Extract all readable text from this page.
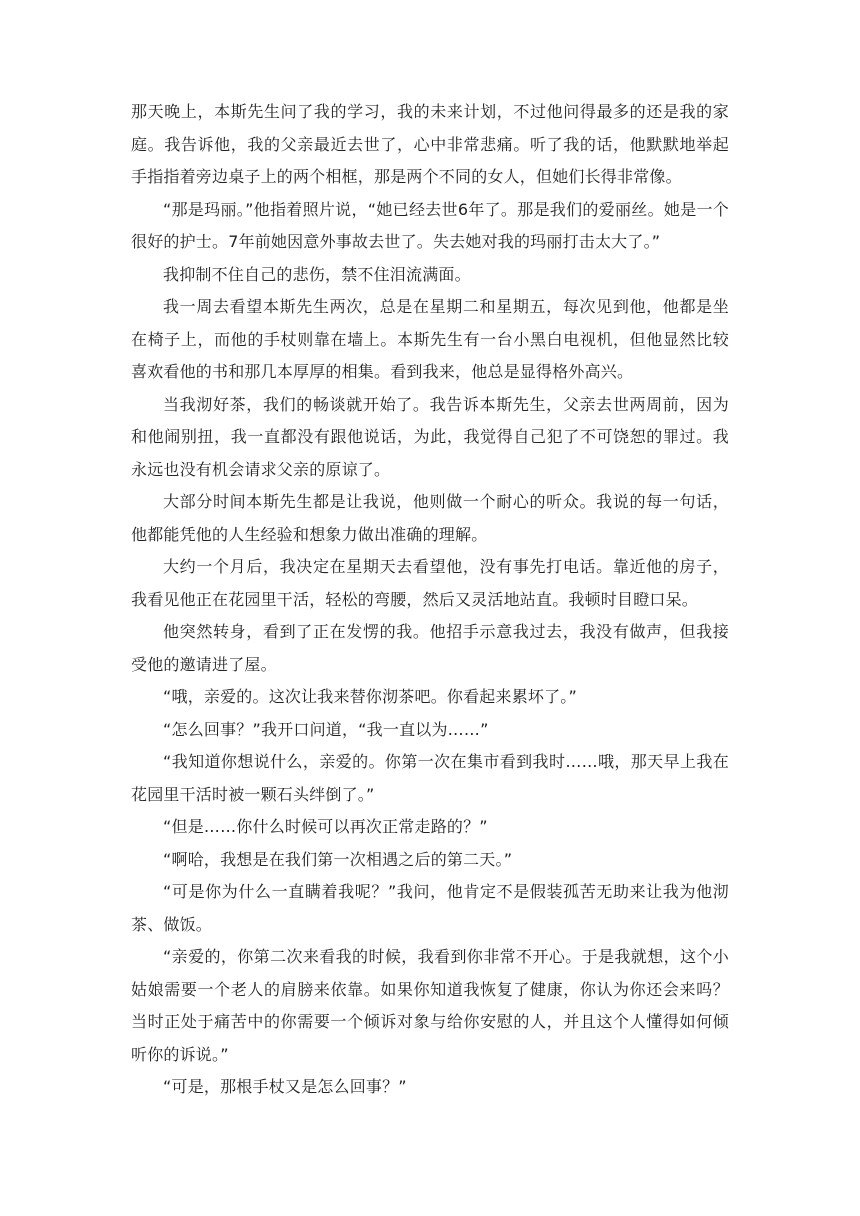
那天晚上，本斯先生问了我的学习，我的未来计划，不过他问得最多的还是我的家庭。我告诉他，我的父亲最近去世了，心中非常悲痛。听了我的话，他默默地举起手指指着旁边桌子上的两个相框，那是两个不同的女人，但她们长得非常像。

“那是玛丽。”他指着照片说，“她已经去世6年了。那是我们的爱丽丝。她是一个很好的护士。7年前她因意外事故去世了。失去她对我的玛丽打击太大了。”

我抑制不住自己的悲伤，禁不住泪流满面。

我一周去看望本斯先生两次，总是在星期二和星期五，每次见到他，他都是坐在椅子上，而他的手杖则靠在墙上。本斯先生有一台小黑白电视机，但他显然比较喜欢看他的书和那几本厚厚的相集。看到我来，他总是显得格外高兴。

当我沏好茶，我们的畅谈就开始了。我告诉本斯先生，父亲去世两周前，因为和他闹别扭，我一直都没有跟他说话，为此，我觉得自己犯了不可饶恕的罪过。我永远也没有机会请求父亲的原谅了。

大部分时间本斯先生都是让我说，他则做一个耐心的听众。我说的每一句话，他都能凭他的人生经验和想象力做出准确的理解。

大约一个月后，我决定在星期天去看望他，没有事先打电话。靠近他的房子，我看见他正在花园里干活，轻松的弯腰，然后又灵活地站直。我顿时目瞪口呆。

他突然转身，看到了正在发愣的我。他招手示意我过去，我没有做声，但我接受他的邀请进了屋。

“哦，亲爱的。这次让我来替你沏茶吧。你看起来累坏了。”

“怎么回事？”我开口问道，“我一直以为……”

“我知道你想说什么，亲爱的。你第一次在集市看到我时……哦，那天早上我在花园里干活时被一颗石头绊倒了。”

“但是……你什么时候可以再次正常走路的？”

“啊哈，我想是在我们第一次相遇之后的第二天。”

“可是你为什么一直瞒着我呢？”我问，他肯定不是假装孤苦无助来让我为他沏茶、做饭。

“亲爱的，你第二次来看我的时候，我看到你非常不开心。于是我就想，这个小姑娘需要一个老人的肩膀来依靠。如果你知道我恢复了健康，你认为你还会来吗？当时正处于痛苦中的你需要一个倾诉对象与给你安慰的人，并且这个人懂得如何倾听你的诉说。”

“可是，那根手杖又是怎么回事？”
